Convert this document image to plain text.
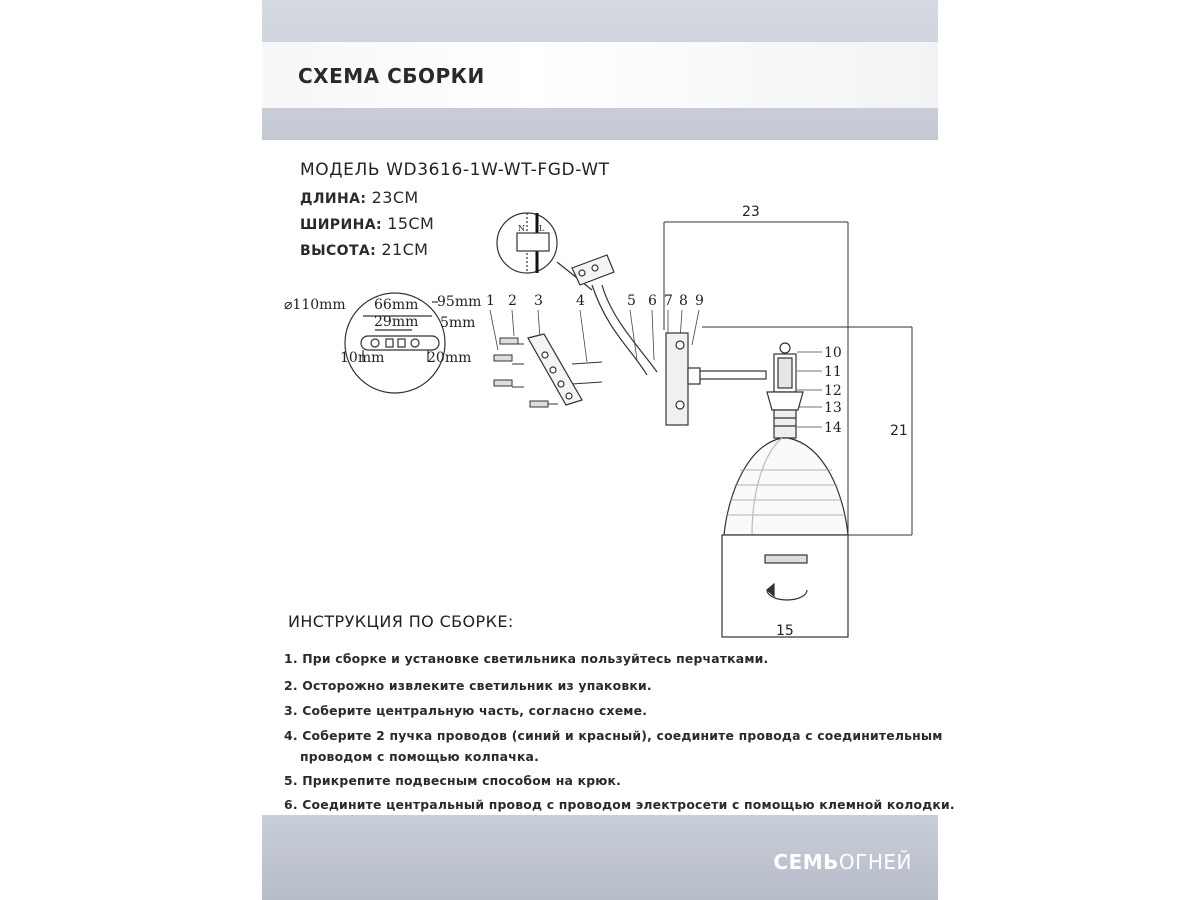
СХЕМА СБОРКИ
МОДЕЛЬ WD3616-1W-WT-FGD-WT
ДЛИНА: 23СМ
ШИРИНА: 15СМ
ВЫСОТА: 21СМ
⌀110mm 66mm
29mm
95mm
5mm
10mm	20mm
1 2 3 4	5 6 7 8 9
10
11
12
13
14
N L
23
21
15
ИНСТРУКЦИЯ ПО СБОРКЕ:
1. При сборке и установке светильника пользуйтесь перчатками.
2. Осторожно извлеките светильник из упаковки.
3. Соберите центральную часть, согласно схеме.
4. Соберите 2 пучка проводов (синий и красный), соедините провода с соединительным
проводом с помощью колпачка.
5. Прикрепите подвесным способом на крюк.
6. Соедините центральный провод с проводом электросети с помощью клемной колодки.
СЕМЬОГНЕЙ
